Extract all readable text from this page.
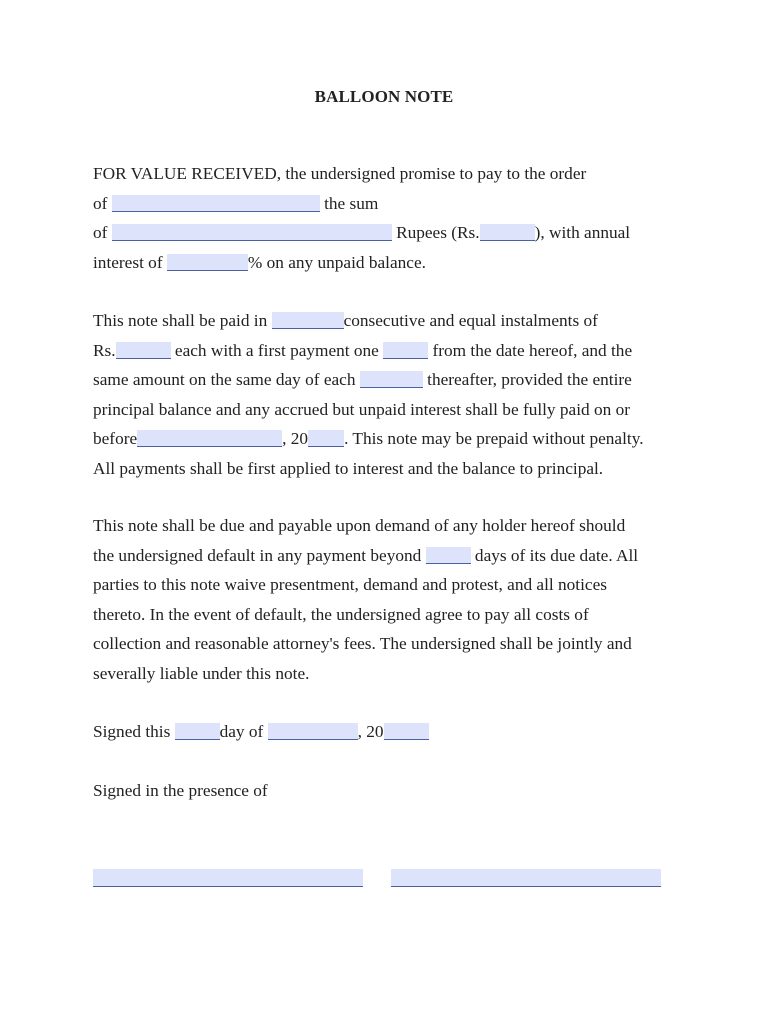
BALLOON NOTE
FOR VALUE RECEIVED, the undersigned promise to pay to the order
of	the sum
of	Rupees (Rs.	), with annual
interest of	% on any unpaid balance.
This note shall be paid in	consecutive and equal instalments of
Rs.	each with a first payment one	from the date hereof, and the
same amount on the same day of each	thereafter, provided the entire
principal balance and any accrued but unpaid interest shall be fully paid on or
before	, 20 . This note may be prepaid without penalty.
All payments shall be first applied to interest and the balance to principal.
This note shall be due and payable upon demand of any holder hereof should
the undersigned default in any payment beyond	days of its due date. All
parties to this note waive presentment, demand and protest, and all notices
thereto. In the event of default, the undersigned agree to pay all costs of
collection and reasonable attorney's fees. The undersigned shall be jointly and
severally liable under this note.
Signed this	day of	, 20
Signed in the presence of
